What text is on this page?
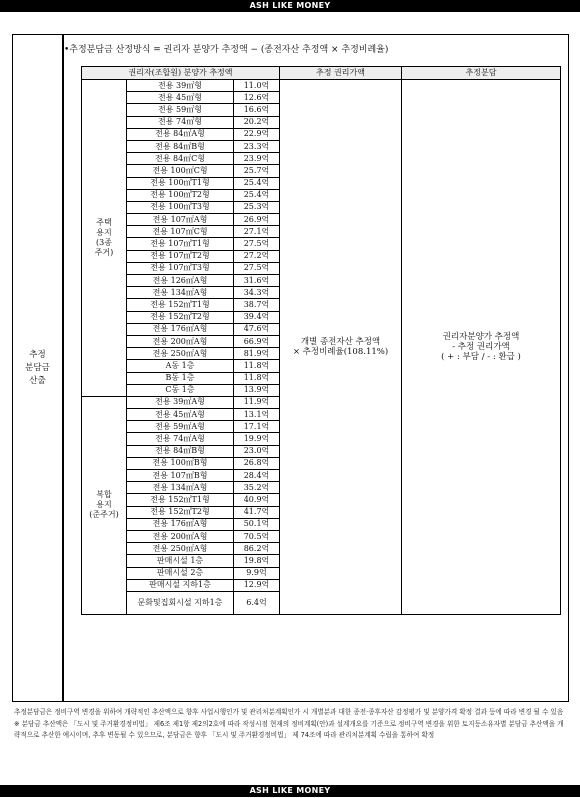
ASH LIKE MONEY
추정
분담금
산출
•추정분담금 산정방식 = 권리자 분양가 추정액 − (종전자산 추정액 × 추정비례율)
권리자(조합원) 분양가 추정액			추정 권리가액	추정분담
주택
용지
(3종
주거)	전용 39㎡형	11.0억	개별 종전자산 추정액
× 추정비례율(108.11%)	권리자분양가 추정액
- 추정 권리가액
( + : 부담 / - : 환급 )
	전용 45㎡형	12.6억		
	전용 59㎡형	16.6억		
	전용 74㎡형	20.2억		
	전용 84㎡A형	22.9억		
	전용 84㎡B형	23.3억		
	전용 84㎡C형	23.9억		
	전용 100㎡C형	25.7억		
	전용 100㎡T1형	25.4억		
	전용 100㎡T2형	25.4억		
	전용 100㎡T3형	25.3억		
	전용 107㎡A형	26.9억		
	전용 107㎡C형	27.1억		
	전용 107㎡T1형	27.5억		
	전용 107㎡T2형	27.2억		
	전용 107㎡T3형	27.5억		
	전용 126㎡A형	31.6억		
	전용 134㎡A형	34.3억		
	전용 152㎡T1형	38.7억		
	전용 152㎡T2형	39.4억		
	전용 176㎡A형	47.6억		
	전용 200㎡A형	66.9억		
	전용 250㎡A형	81.9억		
	A동 1층	11.8억		
	B동 1층	11.8억		
	C동 1층	13.9억		
복합
용지
(준주거)	전용 39㎡A형	11.9억		
	전용 45㎡A형	13.1억		
	전용 59㎡A형	17.1억		
	전용 74㎡A형	19.9억		
	전용 84㎡B형	23.0억		
	전용 100㎡B형	26.8억		
	전용 107㎡B형	28.4억		
	전용 134㎡A형	35.2억		
	전용 152㎡T1형	40.9억		
	전용 152㎡T2형	41.7억		
	전용 176㎡A형	50.1억		
	전용 200㎡A형	70.5억		
	전용 250㎡A형	86.2억		
	판매시설 1층	19.8억		
	판매시설 2층	9.9억		
	판매시설 지하1층	12.9억		
	문화및집회시설 지하1층	6.4억		

추정분담금은 정비구역 변경을 위하여 개략적인 추산액으로 향후 사업시행인가 및 관리처분계획인가 시 개별분과 대한 종전·종후자산 감정평가 및 분양가격 확정 결과 등에 따라 변경 될 수 있음

※ 분담금 추산액은 「도시 및 주거환경정비법」 제6조 제1항 제2의2호에 따라 작성시점 현재의 정비계획(안)과 설계개요를 기준으로 정비구역 변경을 위한 토지등소유자별 분담금 추산액을 개략적으로 추산한 예시이며, 추후 변동될 수 있으므로, 분담금은 향후 「도시 및 주거환경정비법」 제 74조에 따라 관리처분계획 수립을 통하여 확정

ASH LIKE MONEY
